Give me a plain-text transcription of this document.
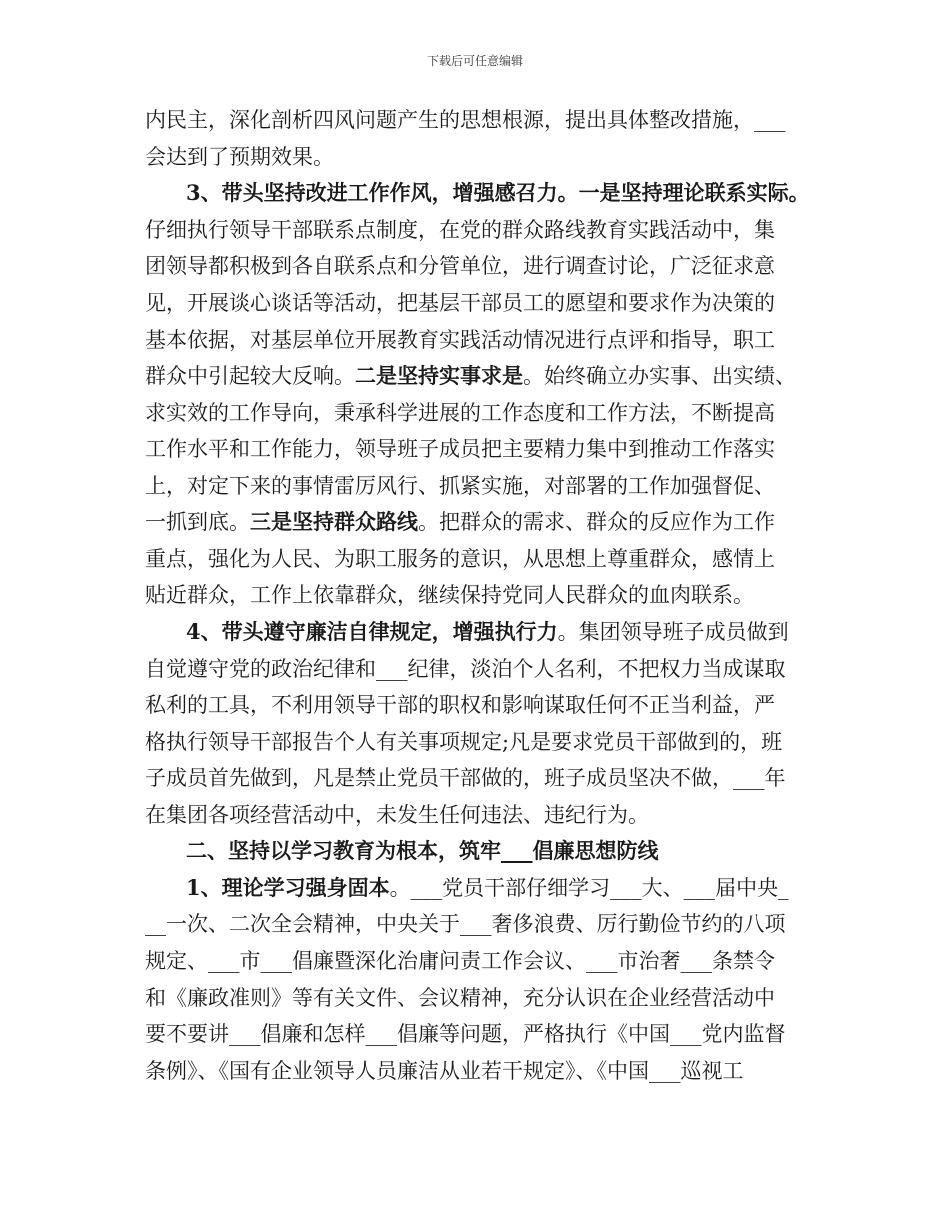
下载后可任意编辑
内民主，深化剖析四风问题产生的思想根源，提出具体整改措施，___
会达到了预期效果。
3、带头坚持改进工作作风，增强感召力。一是坚持理论联系实际。
仔细执行领导干部联系点制度，在党的群众路线教育实践活动中，集
团领导都积极到各自联系点和分管单位，进行调查讨论，广泛征求意
见，开展谈心谈话等活动，把基层干部员工的愿望和要求作为决策的
基本依据，对基层单位开展教育实践活动情况进行点评和指导，职工
群众中引起较大反响。二是坚持实事求是。始终确立办实事、出实绩、
求实效的工作导向，秉承科学进展的工作态度和工作方法，不断提高
工作水平和工作能力，领导班子成员把主要精力集中到推动工作落实
上，对定下来的事情雷厉风行、抓紧实施，对部署的工作加强督促、
一抓到底。三是坚持群众路线。把群众的需求、群众的反应作为工作
重点，强化为人民、为职工服务的意识，从思想上尊重群众，感情上
贴近群众，工作上依靠群众，继续保持党同人民群众的血肉联系。
4、带头遵守廉洁自律规定，增强执行力。集团领导班子成员做到
自觉遵守党的政治纪律和___纪律，淡泊个人名利，不把权力当成谋取
私利的工具，不利用领导干部的职权和影响谋取任何不正当利益，严
格执行领导干部报告个人有关事项规定;凡是要求党员干部做到的，班
子成员首先做到，凡是禁止党员干部做的，班子成员坚决不做，___年
在集团各项经营活动中，未发生任何违法、违纪行为。
二、坚持以学习教育为根本，筑牢___倡廉思想防线
1、理论学习强身固本。___党员干部仔细学习___大、___届中央_
__一次、二次全会精神，中央关于___奢侈浪费、厉行勤俭节约的八项
规定、___市___倡廉暨深化治庸问责工作会议、___市治奢___条禁令
和《廉政准则》等有关文件、会议精神，充分认识在企业经营活动中
要不要讲___倡廉和怎样___倡廉等问题，严格执行《中国___党内监督
条例》、《国有企业领导人员廉洁从业若干规定》、《中国___巡视工
